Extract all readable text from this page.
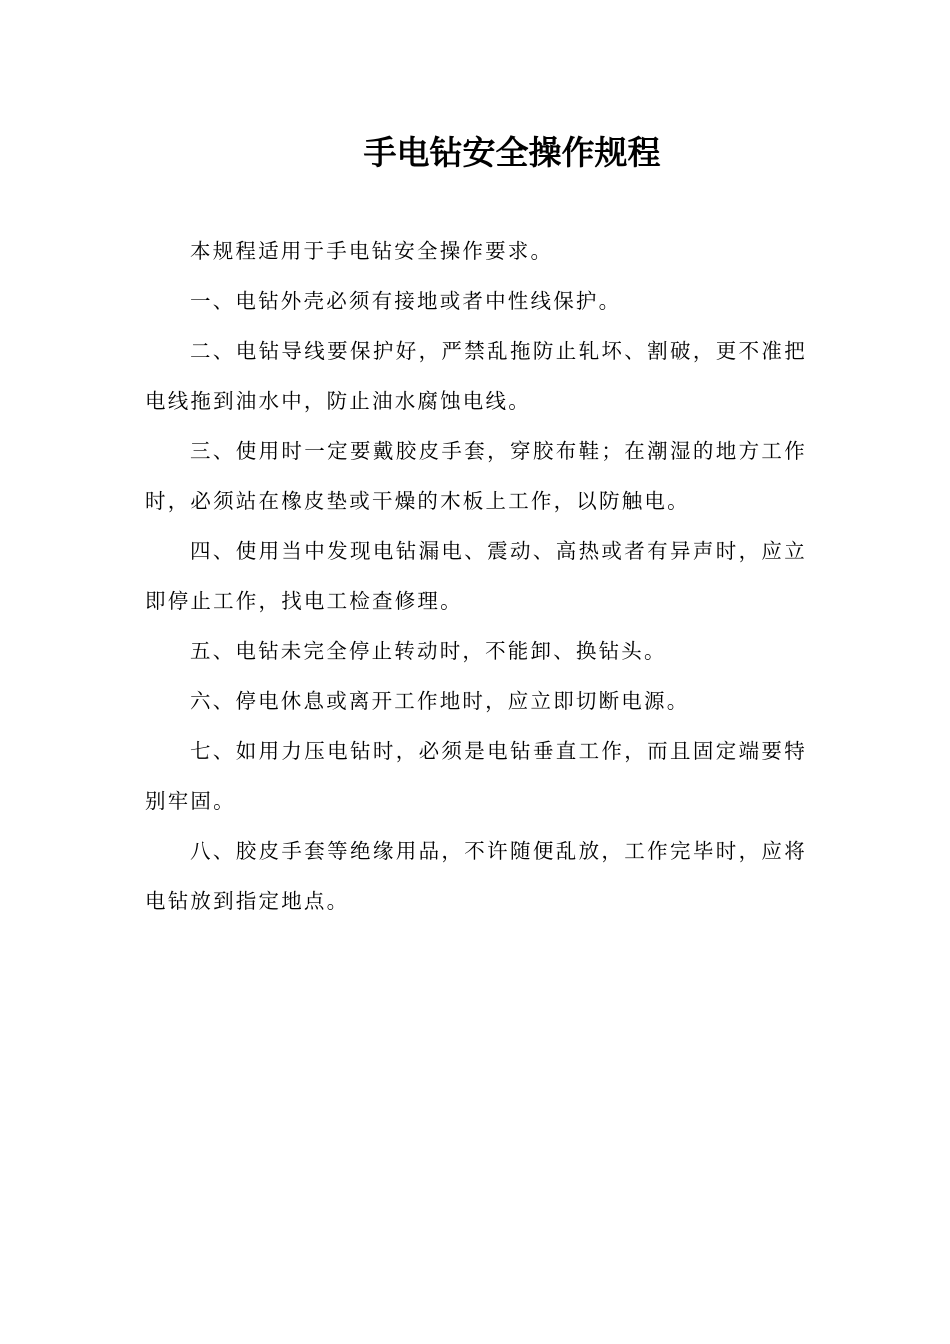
手电钻安全操作规程

本规程适用于手电钻安全操作要求。

一、电钻外壳必须有接地或者中性线保护。

二、电钻导线要保护好，严禁乱拖防止轧坏、割破，更不准把电线拖到油水中，防止油水腐蚀电线。

三、使用时一定要戴胶皮手套，穿胶布鞋；在潮湿的地方工作时，必须站在橡皮垫或干燥的木板上工作，以防触电。

四、使用当中发现电钻漏电、震动、高热或者有异声时，应立即停止工作，找电工检查修理。

五、电钻未完全停止转动时，不能卸、换钻头。

六、停电休息或离开工作地时，应立即切断电源。

七、如用力压电钻时，必须是电钻垂直工作，而且固定端要特别牢固。

八、胶皮手套等绝缘用品，不许随便乱放，工作完毕时，应将电钻放到指定地点。
